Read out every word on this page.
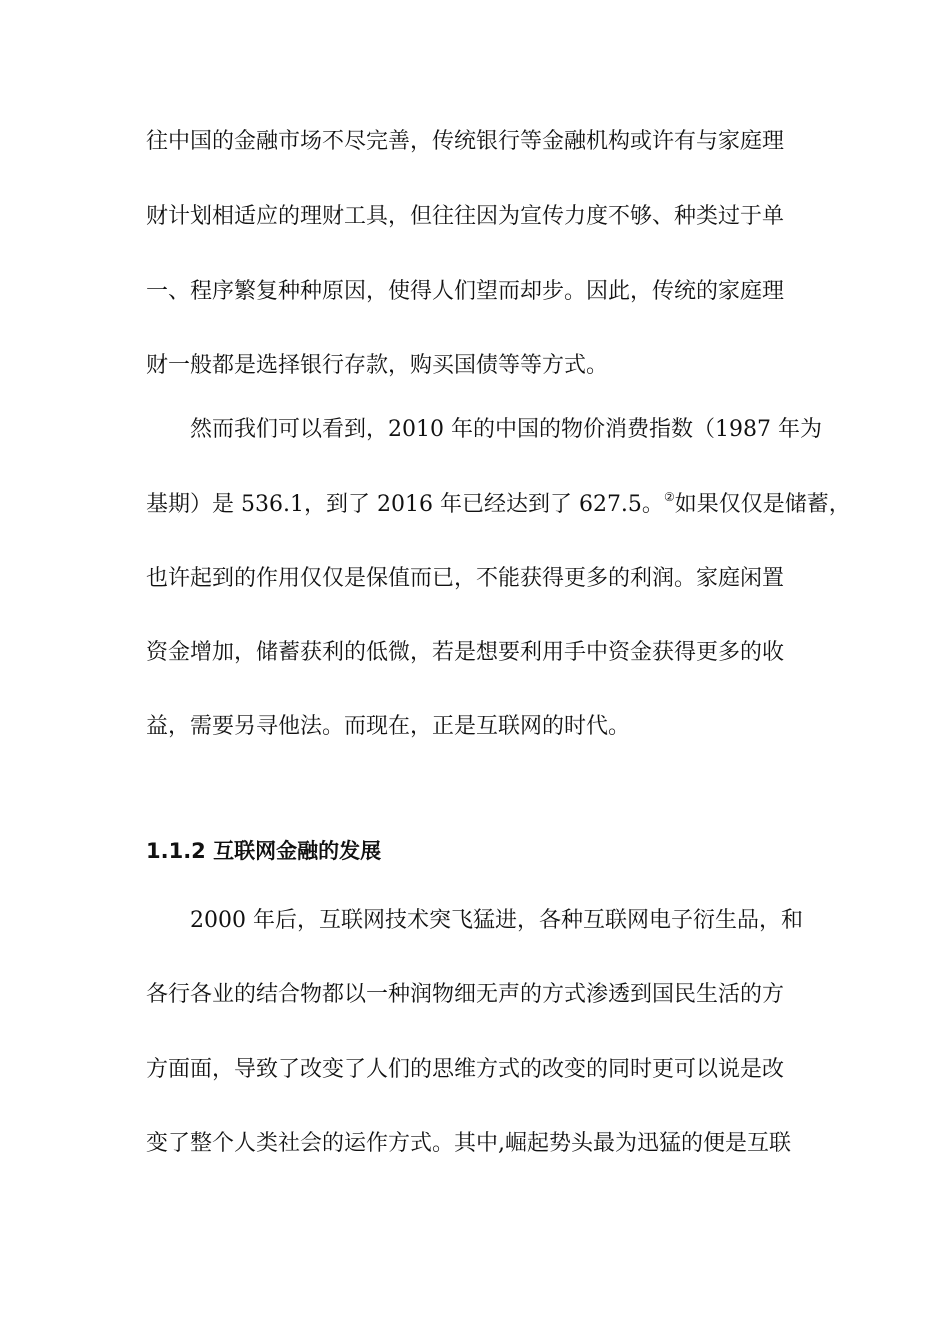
往中国的金融市场不尽完善，传统银行等金融机构或许有与家庭理
财计划相适应的理财工具，但往往因为宣传力度不够、种类过于单
一、程序繁复种种原因，使得人们望而却步。因此，传统的家庭理
财一般都是选择银行存款，购买国债等等方式。
然而我们可以看到，2010 年的中国的物价消费指数（1987 年为
基期）是 536.1，到了 2016 年已经达到了 627.5。②如果仅仅是储蓄，
也许起到的作用仅仅是保值而已，不能获得更多的利润。家庭闲置
资金增加，储蓄获利的低微，若是想要利用手中资金获得更多的收
益，需要另寻他法。而现在，正是互联网的时代。
1.1.2 互联网金融的发展
2000 年后，互联网技术突飞猛进，各种互联网电子衍生品，和
各行各业的结合物都以一种润物细无声的方式渗透到国民生活的方
方面面，导致了改变了人们的思维方式的改变的同时更可以说是改
变了整个人类社会的运作方式。其中,崛起势头最为迅猛的便是互联
